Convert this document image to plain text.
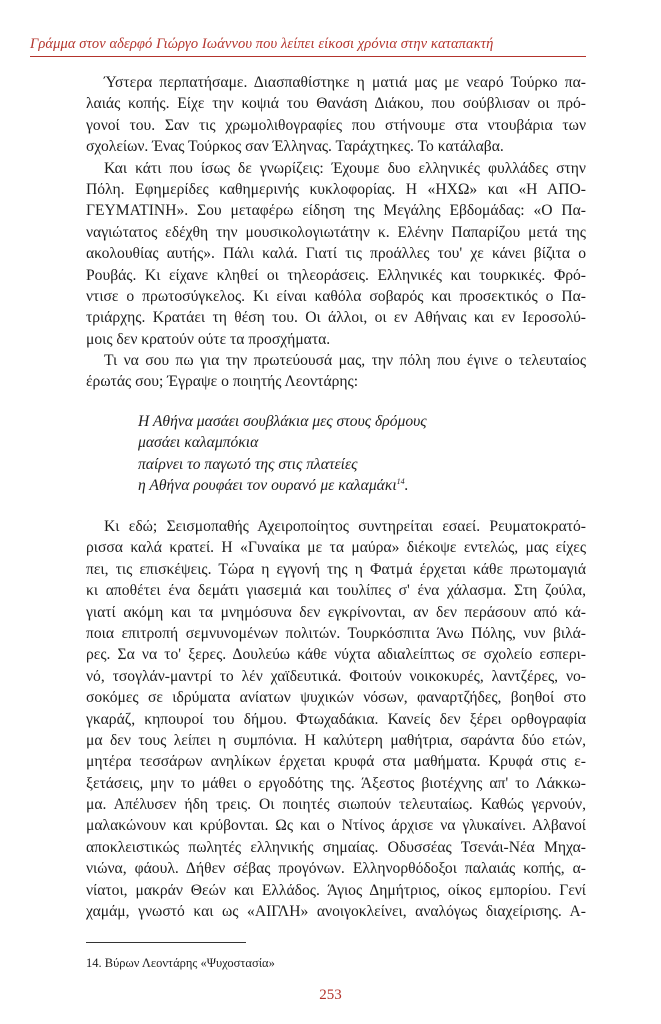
Γράμμα στον αδερφό Γιώργο Ιωάννου που λείπει είκοσι χρόνια στην καταπακτή
Ύστερα περπατήσαμε. Διασπαθίστηκε η ματιά μας με νεαρό Τούρκο πα-
λαιάς κοπής. Είχε την κοψιά του Θανάση Διάκου, που σούβλισαν οι πρό-
γονοί του. Σαν τις χρωμολιθογραφίες που στήνουμε στα ντουβάρια των
σχολείων. Ένας Τούρκος σαν Έλληνας. Ταράχτηκες. Το κατάλαβα.
Και κάτι που ίσως δε γνωρίζεις: Έχουμε δυο ελληνικές φυλλάδες στην
Πόλη. Εφημερίδες καθημερινής κυκλοφορίας. Η «ΗΧΩ» και «Η ΑΠΟ-
ΓΕΥΜΑΤΙΝΗ». Σου μεταφέρω είδηση της Μεγάλης Εβδομάδας: «Ο Πα-
ναγιώτατος εδέχθη την μουσικολογιωτάτην κ. Ελένην Παπαρίζου μετά της
ακολουθίας αυτής». Πάλι καλά. Γιατί τις προάλλες του' χε κάνει βίζιτα ο
Ρουβάς. Κι είχανε κληθεί οι τηλεοράσεις. Ελληνικές και τουρκικές. Φρό-
ντισε ο πρωτοσύγκελος. Κι είναι καθόλα σοβαρός και προσεκτικός ο Πα-
τριάρχης. Κρατάει τη θέση του. Οι άλλοι, οι εν Αθήναις και εν Ιεροσολύ-
μοις δεν κρατούν ούτε τα προσχήματα.
Τι να σου πω για την πρωτεύουσά μας, την πόλη που έγινε ο τελευταίος
έρωτάς σου; Έγραψε ο ποιητής Λεοντάρης:
Η Αθήνα μασάει σουβλάκια μες στους δρόμους
μασάει καλαμπόκια
παίρνει το παγωτό της στις πλατείες
η Αθήνα ρουφάει τον ουρανό με καλαμάκι$^{14}$.
Κι εδώ; Σεισμοπαθής Αχειροποίητος συντηρείται εσαεί. Ρευματοκρατό-
ρισσα καλά κρατεί. Η «Γυναίκα με τα μαύρα» διέκοψε εντελώς, μας είχες
πει, τις επισκέψεις. Τώρα η εγγονή της η Φατμά έρχεται κάθε πρωτομαγιά
κι αποθέτει ένα δεμάτι γιασεμιά και τουλίπες σ' ένα χάλασμα. Στη ζούλα,
γιατί ακόμη και τα μνημόσυνα δεν εγκρίνονται, αν δεν περάσουν από κά-
ποια επιτροπή σεμνυνομένων πολιτών. Τουρκόσπιτα Άνω Πόλης, νυν βιλά-
ρες. Σα να το' ξερες. Δουλεύω κάθε νύχτα αδιαλείπτως σε σχολείο εσπερι-
νό, τσογλάν-μαντρί το λέν χαϊδευτικά. Φοιτούν νοικοκυρές, λαντζέρες, νο-
σοκόμες σε ιδρύματα ανίατων ψυχικών νόσων, φαναρτζήδες, βοηθοί στο
γκαράζ, κηπουροί του δήμου. Φτωχαδάκια. Κανείς δεν ξέρει ορθογραφία
μα δεν τους λείπει η συμπόνια. Η καλύτερη μαθήτρια, σαράντα δύο ετών,
μητέρα τεσσάρων ανηλίκων έρχεται κρυφά στα μαθήματα. Κρυφά στις ε-
ξετάσεις, μην το μάθει ο εργοδότης της. Άξεστος βιοτέχνης απ' το Λάκκω-
μα. Απέλυσεν ήδη τρεις. Οι ποιητές σιωπούν τελευταίως. Καθώς γερνούν,
μαλακώνουν και κρύβονται. Ως και ο Ντίνος άρχισε να γλυκαίνει. Αλβανοί
αποκλειστικώς πωλητές ελληνικής σημαίας. Οδυσσέας Τσενάι-Νέα Μηχα-
νιώνα, φάουλ. Δήθεν σέβας προγόνων. Ελληνορθόδοξοι παλαιάς κοπής, α-
νίατοι, μακράν Θεών και Ελλάδος. Άγιος Δημήτριος, οίκος εμπορίου. Γενί
χαμάμ, γνωστό και ως «ΑΙΓΛΗ» ανοιγοκλείνει, αναλόγως διαχείρισης. Α-
14. Βύρων Λεοντάρης «Ψυχοστασία»
253
